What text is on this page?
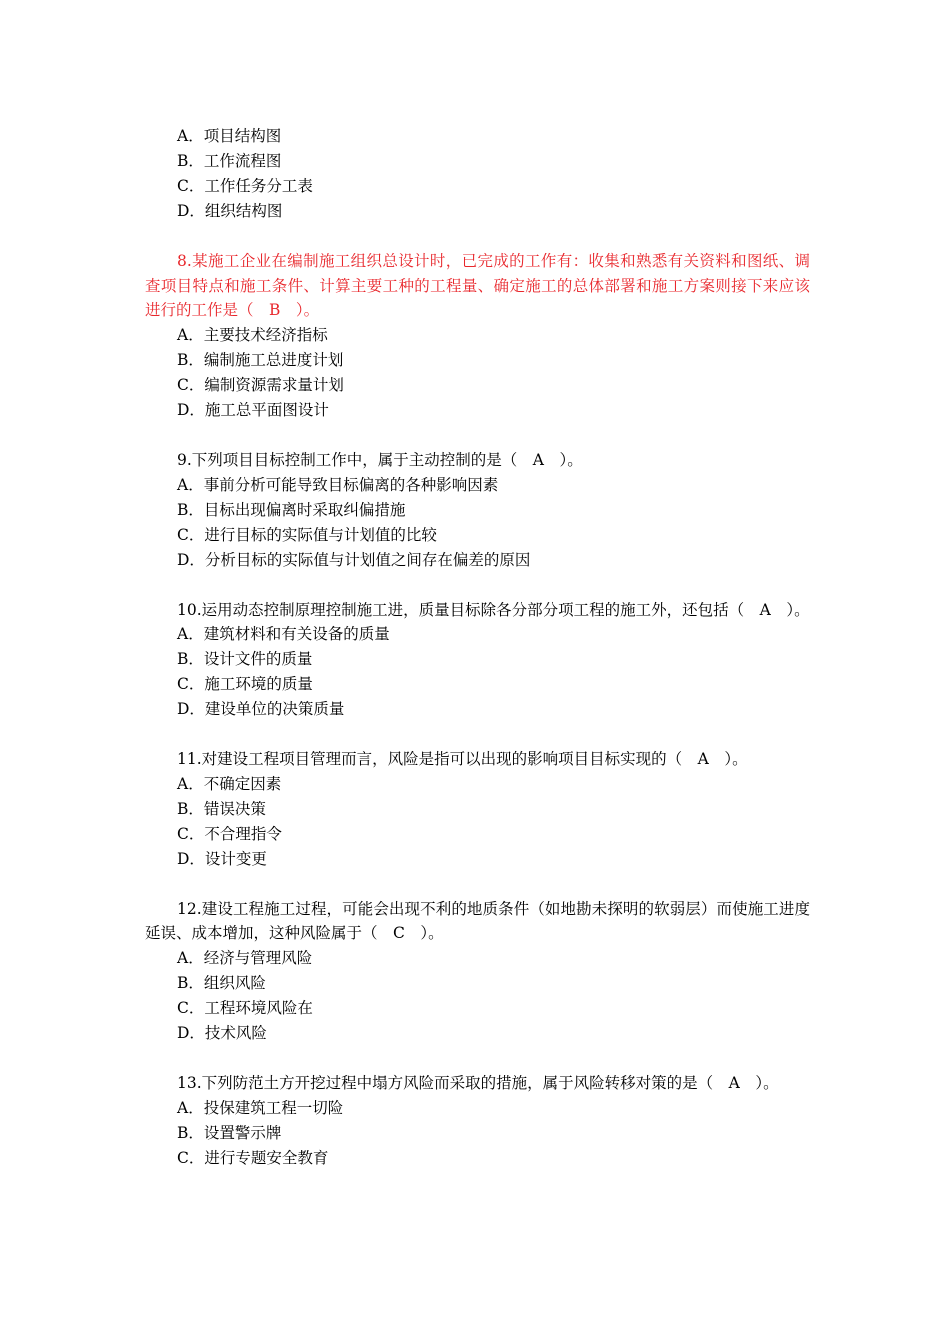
A．项目结构图
B．工作流程图
C．工作任务分工表
D．组织结构图
8.某施工企业在编制施工组织总设计时，已完成的工作有：收集和熟悉有关资料和图纸、调查项目特点和施工条件、计算主要工种的工程量、确定施工的总体部署和施工方案则接下来应该进行的工作是（　B　）。
A．主要技术经济指标
B．编制施工总进度计划
C．编制资源需求量计划
D．施工总平面图设计
9.下列项目目标控制工作中，属于主动控制的是（　A　）。
A．事前分析可能导致目标偏离的各种影响因素
B．目标出现偏离时采取纠偏措施
C．进行目标的实际值与计划值的比较
D．分析目标的实际值与计划值之间存在偏差的原因
10.运用动态控制原理控制施工进，质量目标除各分部分项工程的施工外，还包括（　A　）。
A．建筑材料和有关设备的质量
B．设计文件的质量
C．施工环境的质量
D．建设单位的决策质量
11.对建设工程项目管理而言，风险是指可以出现的影响项目目标实现的（　A　）。
A．不确定因素
B．错误决策
C．不合理指令
D．设计变更
12.建设工程施工过程，可能会出现不利的地质条件（如地勘未探明的软弱层）而使施工进度延误、成本增加，这种风险属于（　C　）。
A．经济与管理风险
B．组织风险
C．工程环境风险在
D．技术风险
13.下列防范土方开挖过程中塌方风险而采取的措施，属于风险转移对策的是（　A　）。
A．投保建筑工程一切险
B．设置警示牌
C．进行专题安全教育
